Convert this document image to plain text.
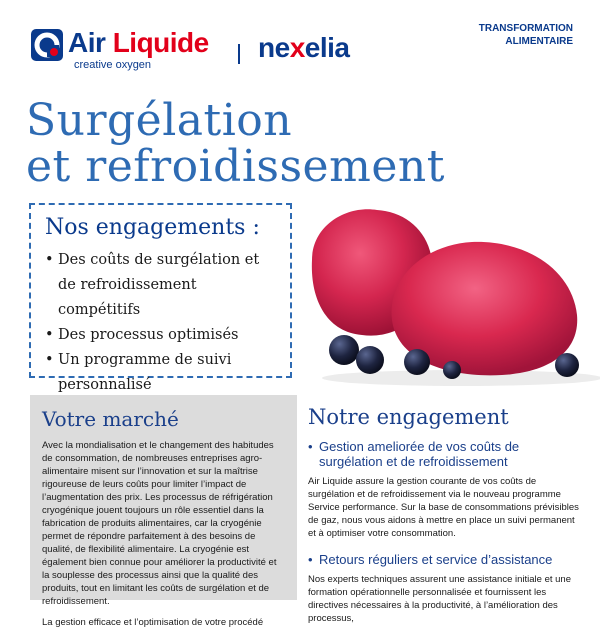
Air Liquide
creative oxygen
nexelia
TRANSFORMATION
ALIMENTAIRE
Surgélation
et refroidissement
Nos engagements :
• Des coûts de surgélation et de refroidissement compétitifs
• Des processus optimisés
• Un programme de suivi personnalisé
Votre marché

Avec la mondialisation et le changement des habitudes de consommation, de nombreuses entreprises agro-alimentaire misent sur l’innovation et sur la maîtrise rigoureuse de leurs coûts pour limiter l’impact de l’augmentation des prix. Les processus de réfrigération cryogénique jouent toujours un rôle essentiel dans la fabrication de produits alimentaires, car la cryogénie permet de répondre parfaitement à des besoins de qualité, de flexibilité alimentaire. La cryogénie est également bien connue pour améliorer la productivité et la souplesse des processus ainsi que la qualité des produits, tout en limitant les coûts de surgélation et de refroidissement.

La gestion efficace et l’optimisation de votre procédé

Notre engagement
• Gestion ameliorée de vos coûts de surgélation et de refroidissement

Air Liquide assure la gestion courante de vos coûts de surgélation et de refroidissement via le nouveau programme Service performance. Sur la base de consommations prévisibles de gaz, nous vous aidons à mettre en place un suivi permanent et à optimiser votre consommation.

• Retours réguliers et service d’assistance

Nos experts techniques assurent une assistance initiale et une formation opérationnelle personnalisée et fournissent les directives nécessaires à la productivité, à l’amélioration des processus,
